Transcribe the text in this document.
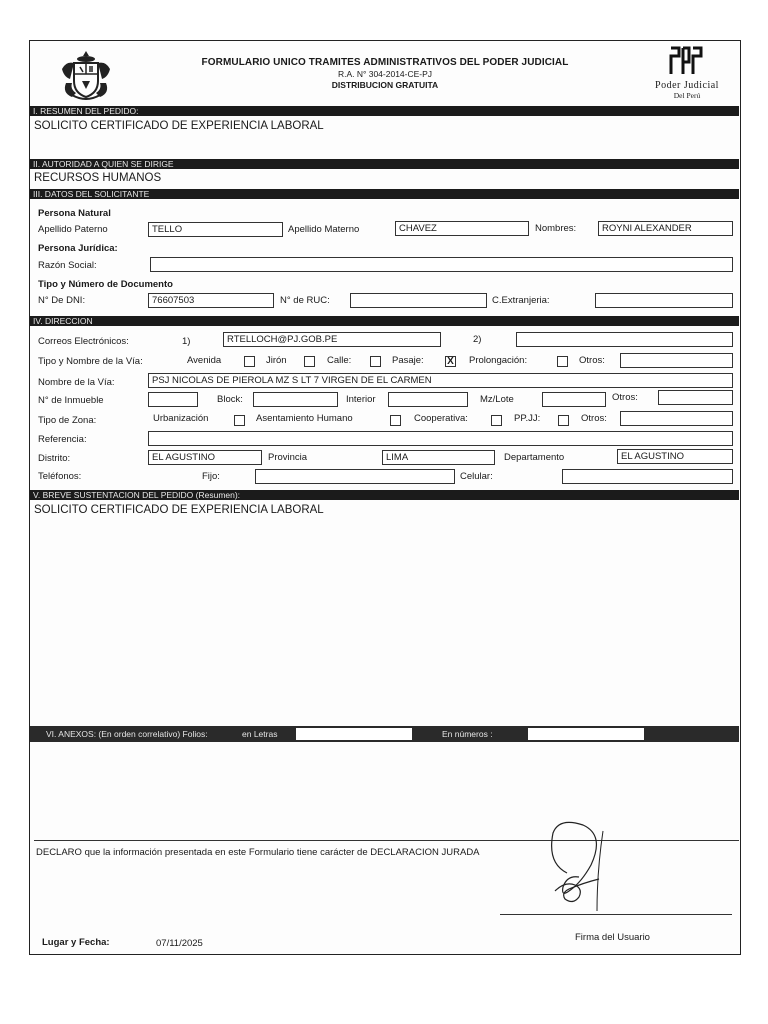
FORMULARIO UNICO TRAMITES ADMINISTRATIVOS DEL PODER JUDICIAL
R.A. N° 304-2014-CE-PJ
DISTRIBUCION GRATUITA	Poder Judicial
Del Perú
I. RESUMEN DEL PEDIDO:
SOLICITO CERTIFICADO DE EXPERIENCIA LABORAL
II. AUTORIDAD A QUIEN SE DIRIGE
RECURSOS HUMANOS
III. DATOS DEL SOLICITANTE
Persona Natural
Apellido Paterno	TELLO	Apellido Materno	CHAVEZ	Nombres:	ROYNI ALEXANDER
Persona Jurídica:
Razón Social:
Tipo y Número de Documento
N° De DNI:	76607503	N° de RUC:	C.Extranjeria:
IV. DIRECCION
Correos Electrónicos:	1)	RTELLOCH@PJ.GOB.PE	2)
Tipo y Nombre de la Vía:	Avenida	Jirón	Calle:	Pasaje: X Prolongación:	Otros:
Nombre de la Vía:	PSJ NICOLAS DE PIEROLA MZ S LT 7 VIRGEN DE EL CARMEN
N° de Inmueble	Block:	Interior	Mz/Lote	Otros:
Tipo de Zona:	Urbanización	Asentamiento Humano	Cooperativa:	PP.JJ:	Otros:
Referencia:
Distrito:	EL AGUSTINO	Provincia	LIMA	Departamento	EL AGUSTINO
Teléfonos:	Fijo:	Celular:
V. BREVE SUSTENTACION DEL PEDIDO (Resumen):
SOLICITO CERTIFICADO DE EXPERIENCIA LABORAL
VI. ANEXOS: (En orden correlativo) Folios:	en Letras	En números :
DECLARO que la información presentada en este Formulario tiene carácter de DECLARACION JURADA
Firma del Usuario
Lugar y Fecha:	07/11/2025
